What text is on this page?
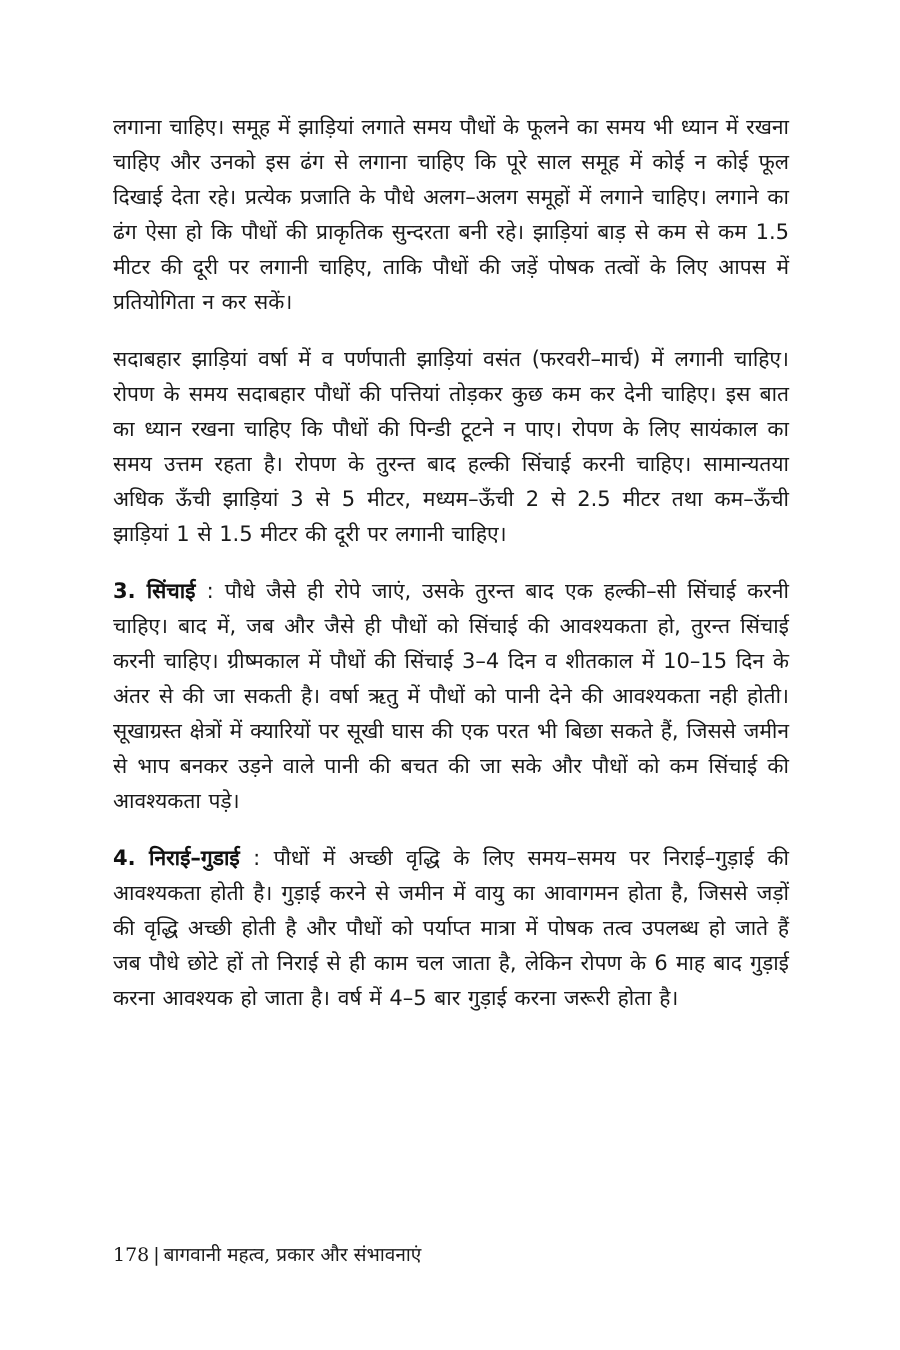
लगाना चाहिए। समूह में झाड़ियां लगाते समय पौधों के फूलने का समय भी ध्यान में रखना चाहिए और उनको इस ढंग से लगाना चाहिए कि पूरे साल समूह में कोई न कोई फूल दिखाई देता रहे। प्रत्येक प्रजाति के पौधे अलग–अलग समूहों में लगाने चाहिए। लगाने का ढंग ऐसा हो कि पौधों की प्राकृतिक सुन्दरता बनी रहे। झाड़ियां बाड़ से कम से कम 1.5 मीटर की दूरी पर लगानी चाहिए, ताकि पौधों की जड़ें पोषक तत्वों के लिए आपस में प्रतियोगिता न कर सकें।

सदाबहार झाड़ियां वर्षा में व पर्णपाती झाड़ियां वसंत (फरवरी–मार्च) में लगानी चाहिए। रोपण के समय सदाबहार पौधों की पत्तियां तोड़कर कुछ कम कर देनी चाहिए। इस बात का ध्यान रखना चाहिए कि पौधों की पिन्डी टूटने न पाए। रोपण के लिए सायंकाल का समय उत्तम रहता है। रोपण के तुरन्त बाद हल्की सिंचाई करनी चाहिए। सामान्यतया अधिक ऊँची झाड़ियां 3 से 5 मीटर, मध्यम–ऊँची 2 से 2.5 मीटर तथा कम–ऊँची झाड़ियां 1 से 1.5 मीटर की दूरी पर लगानी चाहिए।

3. सिंचाई : पौधे जैसे ही रोपे जाएं, उसके तुरन्त बाद एक हल्की–सी सिंचाई करनी चाहिए। बाद में, जब और जैसे ही पौधों को सिंचाई की आवश्यकता हो, तुरन्त सिंचाई करनी चाहिए। ग्रीष्मकाल में पौधों की सिंचाई 3–4 दिन व शीतकाल में 10–15 दिन के अंतर से की जा सकती है। वर्षा ऋतु में पौधों को पानी देने की आवश्यकता नही होती। सूखाग्रस्त क्षेत्रों में क्यारियों पर सूखी घास की एक परत भी बिछा सकते हैं, जिससे जमीन से भाप बनकर उड़ने वाले पानी की बचत की जा सके और पौधों को कम सिंचाई की आवश्यकता पड़े।

4. निराई–गुडाई : पौधों में अच्छी वृद्धि के लिए समय–समय पर निराई–गुड़ाई की आवश्यकता होती है। गुड़ाई करने से जमीन में वायु का आवागमन होता है, जिससे जड़ों की वृद्धि अच्छी होती है और पौधों को पर्याप्त मात्रा में पोषक तत्व उपलब्ध हो जाते हैं जब पौधे छोटे हों तो निराई से ही काम चल जाता है, लेकिन रोपण के 6 माह बाद गुड़ाई करना आवश्यक हो जाता है। वर्ष में 4–5 बार गुड़ाई करना जरूरी होता है।

178 | बागवानी महत्व, प्रकार और संभावनाएं
